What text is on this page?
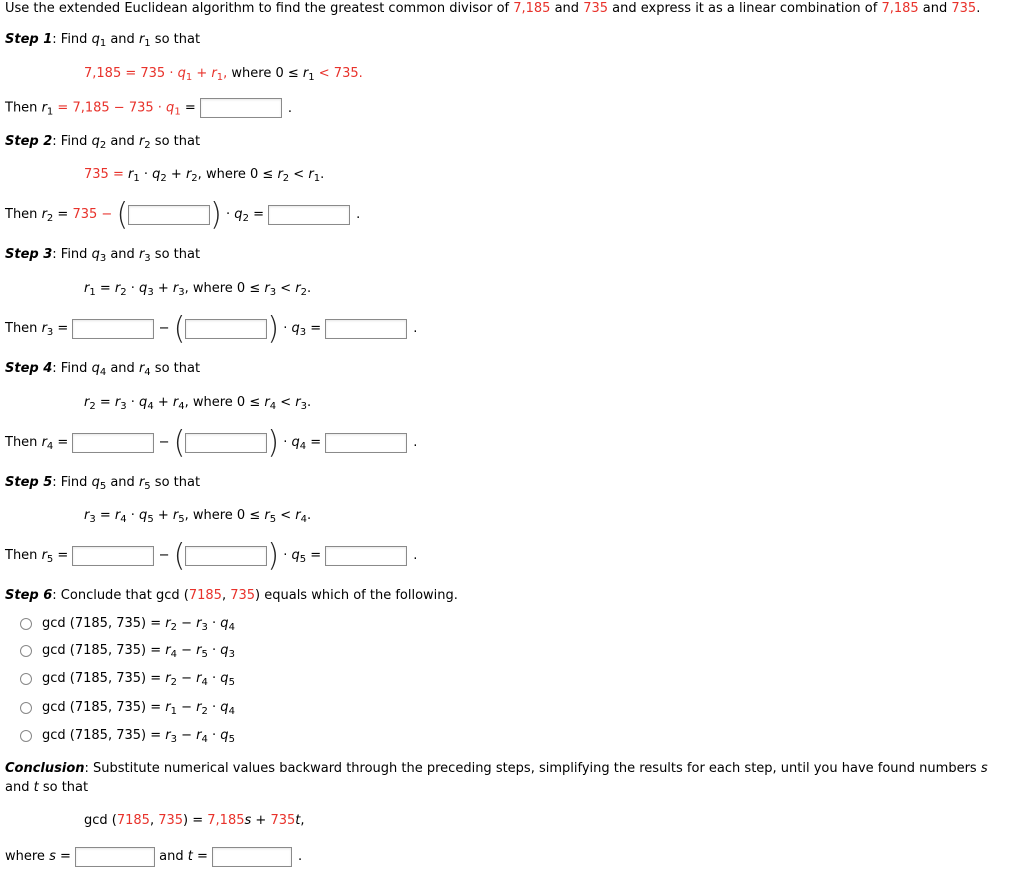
Use the extended Euclidean algorithm to find the greatest common divisor of 7,185 and 735 and express it as a linear combination of 7,185 and 735.
Step 1: Find $q_1$ and $r_1$ so that
$7,185 = 735 \cdot q_1 + r_1$, where $0 \le r_1 < 735$.
Then $r_1 = 7,185 - 735 \cdot q_1$ =	.
Step 2: Find $q_2$ and $r_2$ so that
$735 = r_1 \cdot q_2 + r_2$, where $0 \le r_2 < r_1$.
Then $r_2 = 735$ − (	) · $q_2$ =	.
Step 3: Find $q_3$ and $r_3$ so that
$r_1 = r_2 \cdot q_3 + r_3$, where $0 \le r_3 < r_2$.
Then $r_3$ =	− (	) · $q_3$ =	.
Step 4: Find $q_4$ and $r_4$ so that
$r_2 = r_3 \cdot q_4 + r_4$, where $0 \le r_4 < r_3$.
Then $r_4$ =	− (	) · $q_4$ =	.
Step 5: Find $q_5$ and $r_5$ so that
$r_3 = r_4 \cdot q_5 + r_5$, where $0 \le r_5 < r_4$.
Then $r_5$ =	− (	) · $q_5$ =	.
Step 6: Conclude that gcd (7185, 735) equals which of the following.
gcd (7185, $735) = r_2 - r_3 \cdot q_4$
gcd (7185, $735) = r_4 - r_5 \cdot q_3$
gcd (7185, $735) = r_2 - r_4 \cdot q_5$
gcd (7185, $735) = r_1 - r_2 \cdot q_4$
gcd (7185, $735) = r_3 - r_4 \cdot q_5$
Conclusion: Substitute numerical values backward through the preceding steps, simplifying the results for each step, until you have found numbers s
and t so that
gcd (7185, 735) = 7,185s + 735t,
where s =	and t =	.
